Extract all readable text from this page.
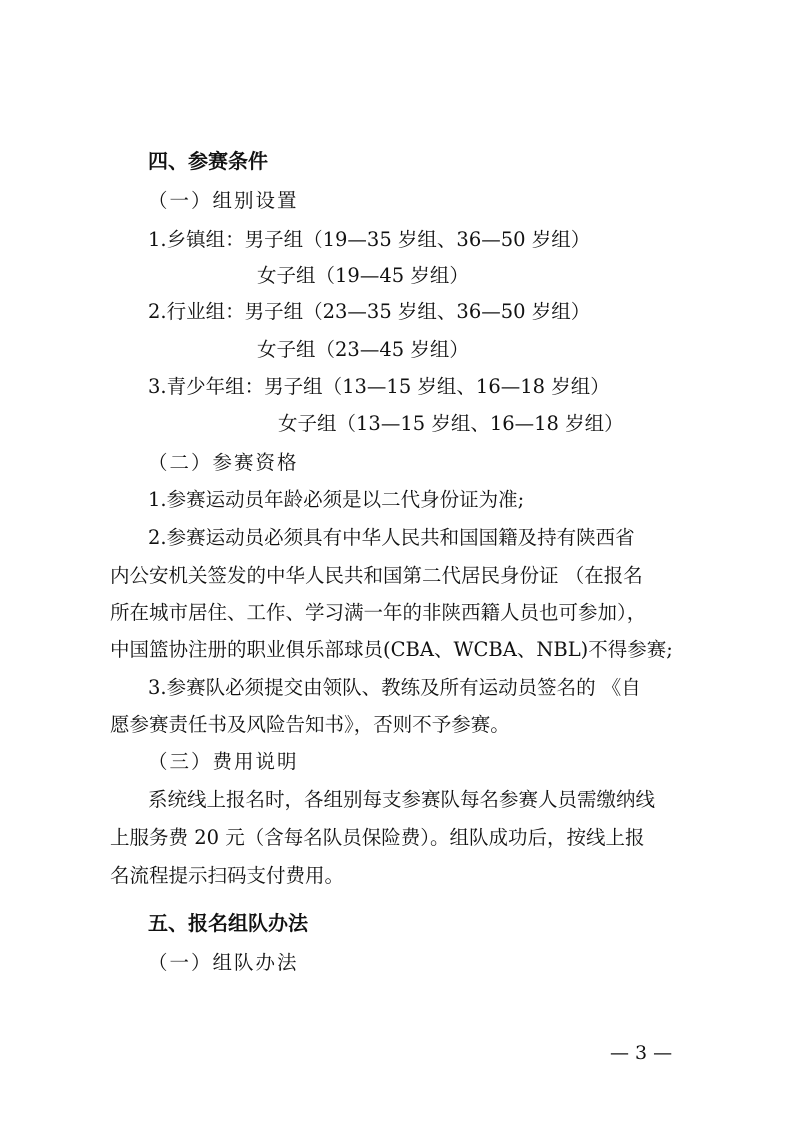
四、参赛条件
（一）组别设置
1.乡镇组：男子组（19—35 岁组、36—50 岁组）
女子组（19—45 岁组）
2.行业组：男子组（23—35 岁组、36—50 岁组）
女子组（23—45 岁组）
3.青少年组：男子组（13—15 岁组、16—18 岁组）
女子组（13—15 岁组、16—18 岁组）
（二）参赛资格
1.参赛运动员年龄必须是以二代身份证为准;
2.参赛运动员必须具有中华人民共和国国籍及持有陕西省
内公安机关签发的中华人民共和国第二代居民身份证 （在报名
所在城市居住、工作、学习满一年的非陕西籍人员也可参加），
中国篮协注册的职业俱乐部球员(CBA、WCBA、NBL)不得参赛;
3.参赛队必须提交由领队、教练及所有运动员签名的 《自
愿参赛责任书及风险告知书》，否则不予参赛。
（三）费用说明
系统线上报名时，各组别每支参赛队每名参赛人员需缴纳线
上服务费 20 元（含每名队员保险费）。组队成功后，按线上报
名流程提示扫码支付费用。
五、报名组队办法
（一）组队办法
— 3 —
